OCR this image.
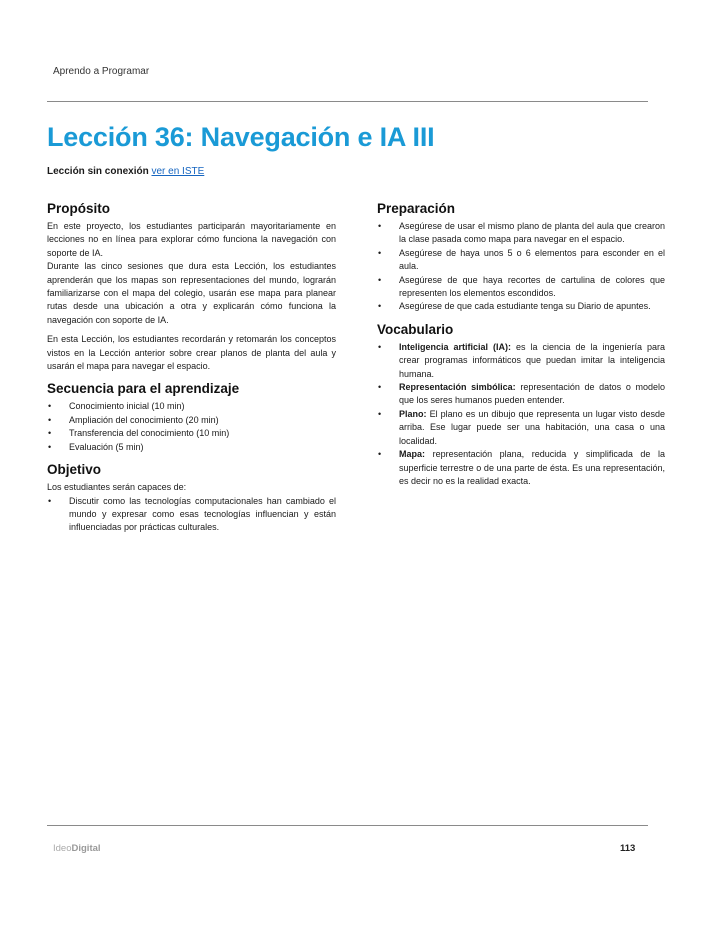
Aprendo a Programar
Lección 36: Navegación e IA III
Lección sin conexión ver en ISTE
Propósito

En este proyecto, los estudiantes participarán mayoritariamente en lecciones no en línea para explorar cómo funciona la navegación con soporte de IA.

Durante las cinco sesiones que dura esta Lección, los estudiantes aprenderán que los mapas son representaciones del mundo, lograrán familiarizarse con el mapa del colegio, usarán ese mapa para planear rutas desde una ubicación a otra y explicarán cómo funciona la navegación con soporte de IA.

En esta Lección, los estudiantes recordarán y retomarán los conceptos vistos en la Lección anterior sobre crear planos de planta del aula y usarán el mapa para navegar el espacio.

Secuencia para el aprendizaje
• Conocimiento inicial (10 min)
• Ampliación del conocimiento (20 min)
• Transferencia del conocimiento (10 min)
• Evaluación (5 min)
Objetivo

Los estudiantes serán capaces de:

• Discutir como las tecnologías computacionales han cambiado el mundo y expresar como esas tecnologías influencian y están influenciadas por prácticas culturales.
Preparación
• Asegúrese de usar el mismo plano de planta del aula que crearon la clase pasada como mapa para navegar en el espacio.
• Asegúrese de haya unos 5 o 6 elementos para esconder en el aula.
• Asegúrese de que haya recortes de cartulina de colores que representen los elementos escondidos.
• Asegúrese de que cada estudiante tenga su Diario de apuntes.
Vocabulario
• Inteligencia artificial (IA): es la ciencia de la ingeniería para crear programas informáticos que puedan imitar la inteligencia humana.
• Representación simbólica: representación de datos o modelo que los seres humanos pueden entender.
• Plano: El plano es un dibujo que representa un lugar visto desde arriba. Ese lugar puede ser una habitación, una casa o una localidad.
• Mapa: representación plana, reducida y simplificada de la superficie terrestre o de una parte de ésta. Es una representación, es decir no es la realidad exacta.
IdeoDigital	113
